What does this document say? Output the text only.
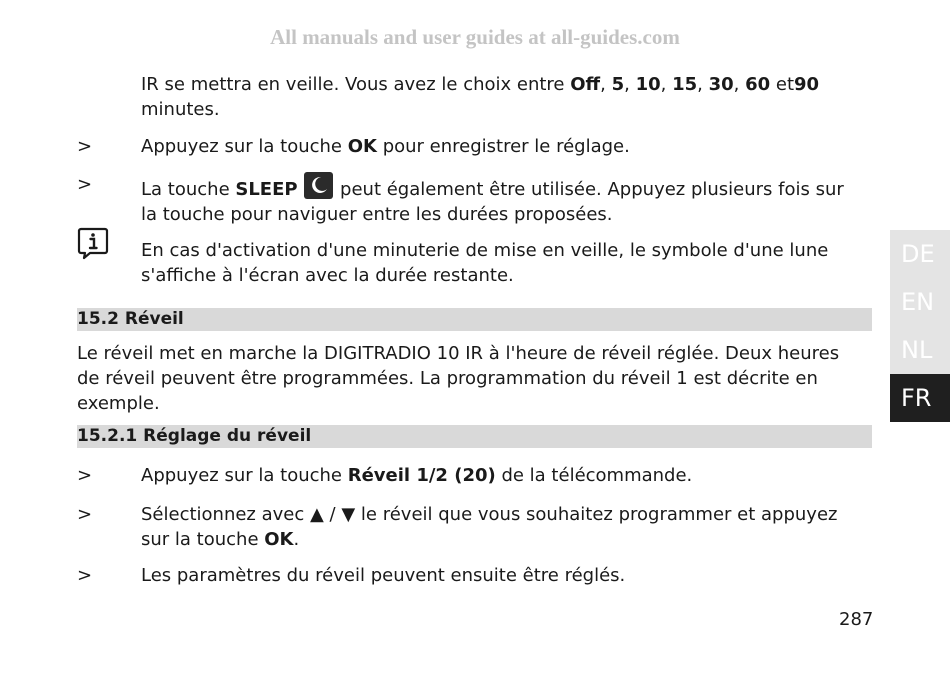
All manuals and user guides at all-guides.com
IR se mettra en veille. Vous avez le choix entre Off, 5, 10, 15, 30, 60 et90
minutes.
>	Appuyez sur la touche OK pour enregistrer le réglage.
>	La touche SLEEP
peut également être utilisée. Appuyez plusieurs fois sur
la touche pour naviguer entre les durées proposées.
En cas d'activation d'une minuterie de mise en veille, le symbole d'une lune
s'affiche à l'écran avec la durée restante.
15.2 Réveil
Le réveil met en marche la DIGITRADIO 10 IR à l'heure de réveil réglée. Deux heures
de réveil peuvent être programmées. La programmation du réveil 1 est décrite en
exemple.
15.2.1 Réglage du réveil
>	Appuyez sur la touche Réveil 1/2 (20) de la télécommande.
>	Sélectionnez avec ▲ / ▼ le réveil que vous souhaitez programmer et appuyez
sur la touche OK.
>	Les paramètres du réveil peuvent ensuite être réglés.
DE
EN
NL
FR
287
